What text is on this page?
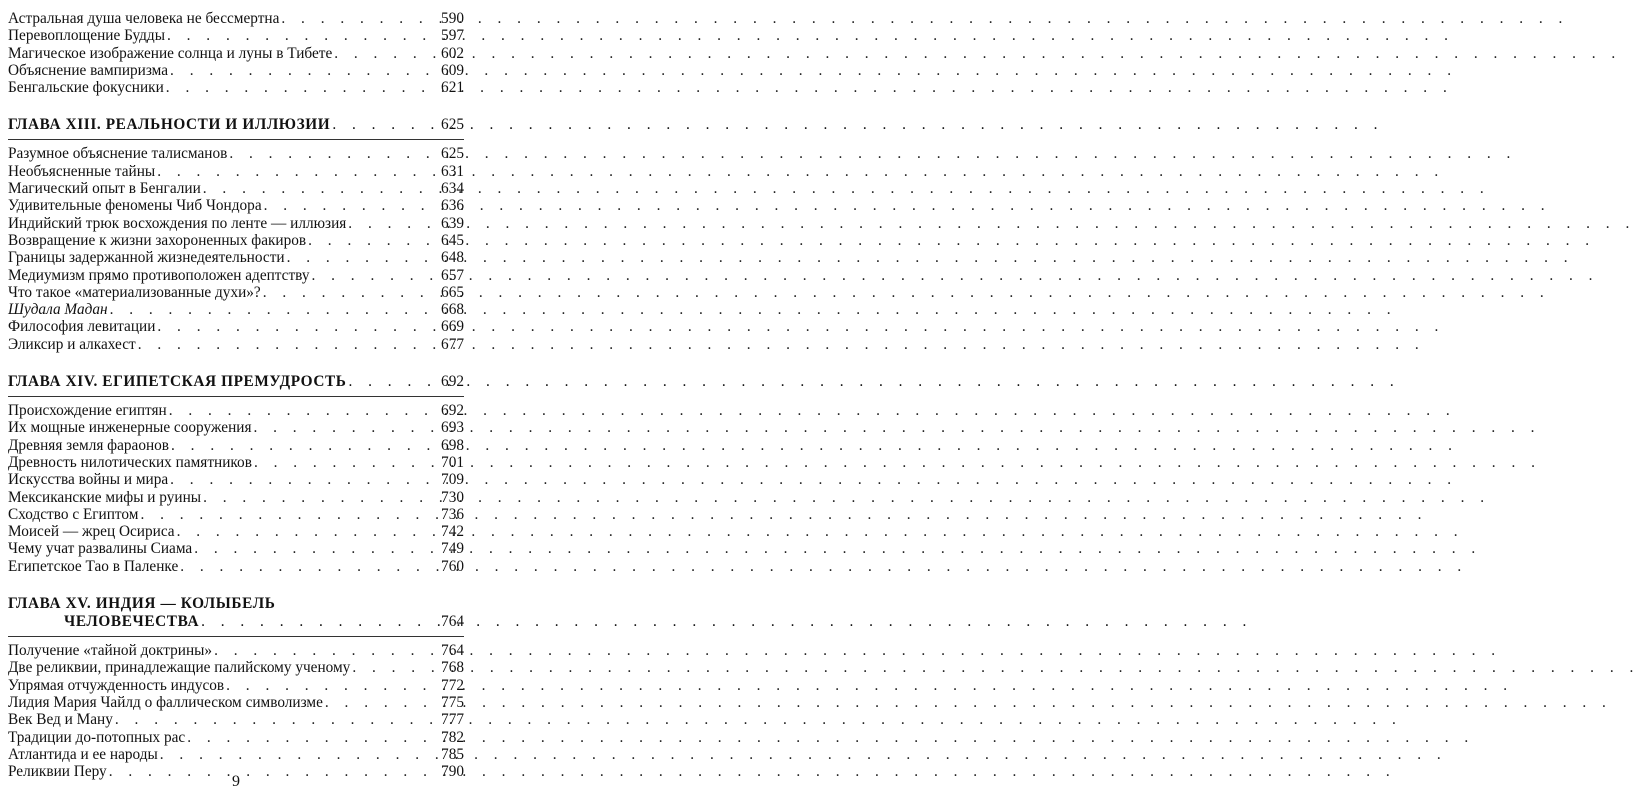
Астральная душа человека не бессмертна . . .	590
Перевоплощение Будды . . .	597
Магическое изображение солнца и луны в Тибете . . .	602
Объяснение вампиризма . . .	609
Бенгальские фокусники . . .	621
ГЛАВА XIII. РЕАЛЬНОСТИ И ИЛЛЮЗИИ . . .	625
Разумное объяснение талисманов . . .	625
Необъясненные тайны . . .	631
Магический опыт в Бенгалии . . .	634
Удивительные феномены Чиб Чондора . . .	636
Индийский трюк восхождения по ленте — иллюзия . . .	639
Возвращение к жизни захороненных факиров . . .	645
Границы задержанной жизнедеятельности . . .	648
Медиумизм прямо противоположен адептству . . .	657
Что такое «материализованные духи»? . . .	665
Шудала Мадан . . .	668
Философия левитации . . .	669
Эликсир и алкахест . . .	677
ГЛАВА XIV. ЕГИПЕТСКАЯ ПРЕМУДРОСТЬ . . .	692
Происхождение египтян . . .	692
Их мощные инженерные сооружения . . .	693
Древняя земля фараонов . . .	698
Древность нилотических памятников . . .	701
Искусства войны и мира . . .	709
Мексиканские мифы и руины . . .	730
Сходство с Египтом . . .	736
Моисей — жрец Осириса . . .	742
Чему учат развалины Сиама . . .	749
Египетское Тао в Паленке . . .	760
ГЛАВА XV. ИНДИЯ — КОЛЫБЕЛЬ
ЧЕЛОВЕЧЕСТВА . . .	764
Получение «тайной доктрины» . . .	764
Две реликвии, принадлежащие палийскому ученому . . .	768
Упрямая отчужденность индусов . . .	772
Лидия Мария Чайлд о фаллическом символизме . . .	775
Век Вед и Ману . . .	777
Традиции до-потопных рас . . .	782
Атлантида и ее народы . . .	785
Реликвии Перу . . .	790
9
